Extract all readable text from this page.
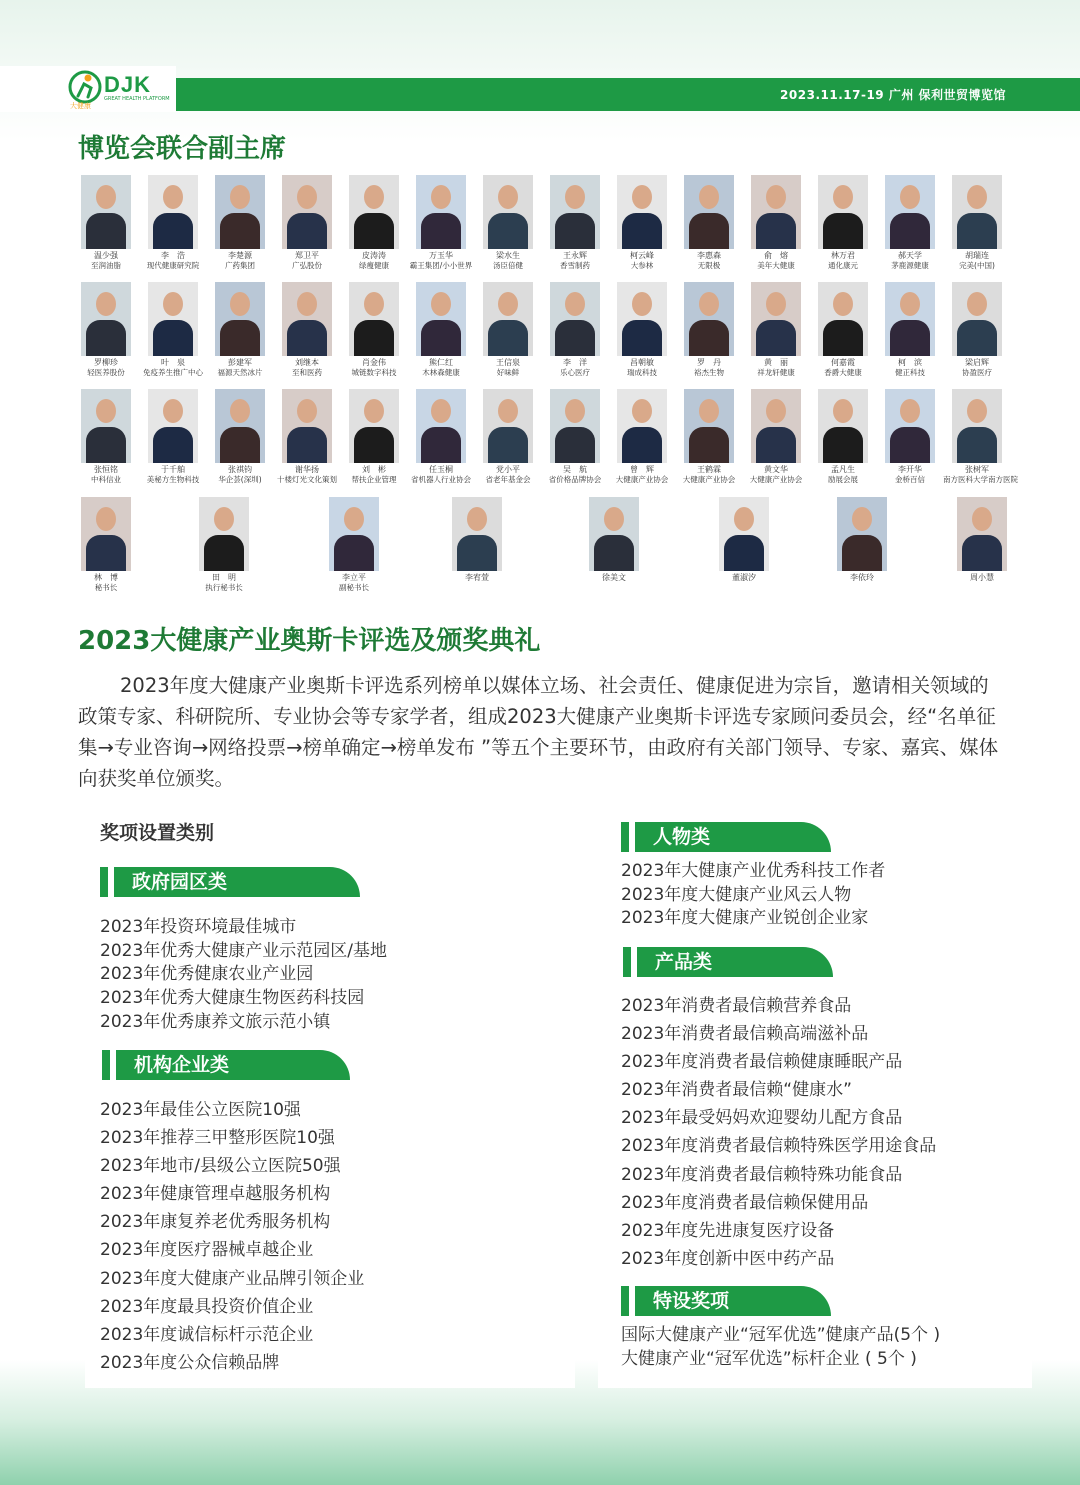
DJK
GREAT HEALTH PLATFORM
大健康
2023.11.17-19 广州 保利世贸博览馆
博览会联合副主席
温少强
至润油脂
李　浩
现代健康研究院
李楚源
广药集团
郑卫平
广弘股份
皮涛涛
绿瘦健康
万玉华
霸王集团/小小世界
梁水生
汤臣倍健
王永辉
香雪制药
柯云峰
大参林
李惠森
无限极
俞　熔
美年大健康
林万君
通化康元
郝天学
茅鹿源健康
胡瑞连
完美(中国)
罗柳珍
轻医养股份
叶　泉
免疫养生推广中心
彭建军
福源天然冰片
刘继本
至和医药
肖金伟
城链数字科技
熊仁红
木林森健康
王信泉
好味鲜
李　洋
乐心医疗
昌朝敏
瑞成科技
罗　丹
裕杰生物
黄　丽
祥龙轩健康
何嘉霞
香爵大健康
柯　滨
健正科技
梁启辉
协盈医疗
张恒铭
中科信业
于千舶
美秘方生物科技
张祺钧
华企荟(深圳)
谢华扬
十楼灯光文化策划
刘　彬
帮扶企业管理
任玉桐
省机器人行业协会
党小平
省老年基金会
吴　航
省价格品牌协会
曾　辉
大健康产业协会
王鹤霖
大健康产业协会
黄文华
大健康产业协会
孟凡生
励展会展
李开华
金桥百信
张树军
南方医科大学南方医院
林　博
秘书长
田　明
执行秘书长
李立平
副秘书长
李宥萱	徐美文	董淑汐	李依玲	周小慧
2023大健康产业奥斯卡评选及颁奖典礼
2023年度大健康产业奥斯卡评选系列榜单以媒体立场、社会责任、健康促进为宗旨，邀请相关领域的政策专家、科研院所、专业协会等专家学者，组成2023大健康产业奥斯卡评选专家顾问委员会，经“名单征集→专业咨询→网络投票→榜单确定→榜单发布 ”等五个主要环节，由政府有关部门领导、专家、嘉宾、媒体向获奖单位颁奖。
奖项设置类别
政府园区类
2023年投资环境最佳城市
2023年优秀大健康产业示范园区/基地
2023年优秀健康农业产业园
2023年优秀大健康生物医药科技园
2023年优秀康养文旅示范小镇
机构企业类
2023年最佳公立医院10强
2023年推荐三甲整形医院10强
2023年地市/县级公立医院50强
2023年健康管理卓越服务机构
2023年康复养老优秀服务机构
2023年度医疗器械卓越企业
2023年度大健康产业品牌引领企业
2023年度最具投资价值企业
2023年度诚信标杆示范企业
2023年度公众信赖品牌
人物类
2023年大健康产业优秀科技工作者
2023年度大健康产业风云人物
2023年度大健康产业锐创企业家
产品类
2023年消费者最信赖营养食品
2023年消费者最信赖高端滋补品
2023年度消费者最信赖健康睡眠产品
2023年消费者最信赖“健康水”
2023年最受妈妈欢迎婴幼儿配方食品
2023年度消费者最信赖特殊医学用途食品
2023年度消费者最信赖特殊功能食品
2023年度消费者最信赖保健用品
2023年度先进康复医疗设备
2023年度创新中医中药产品
特设奖项
国际大健康产业“冠军优选”健康产品(5个 )
大健康产业“冠军优选”标杆企业 ( 5个 )
